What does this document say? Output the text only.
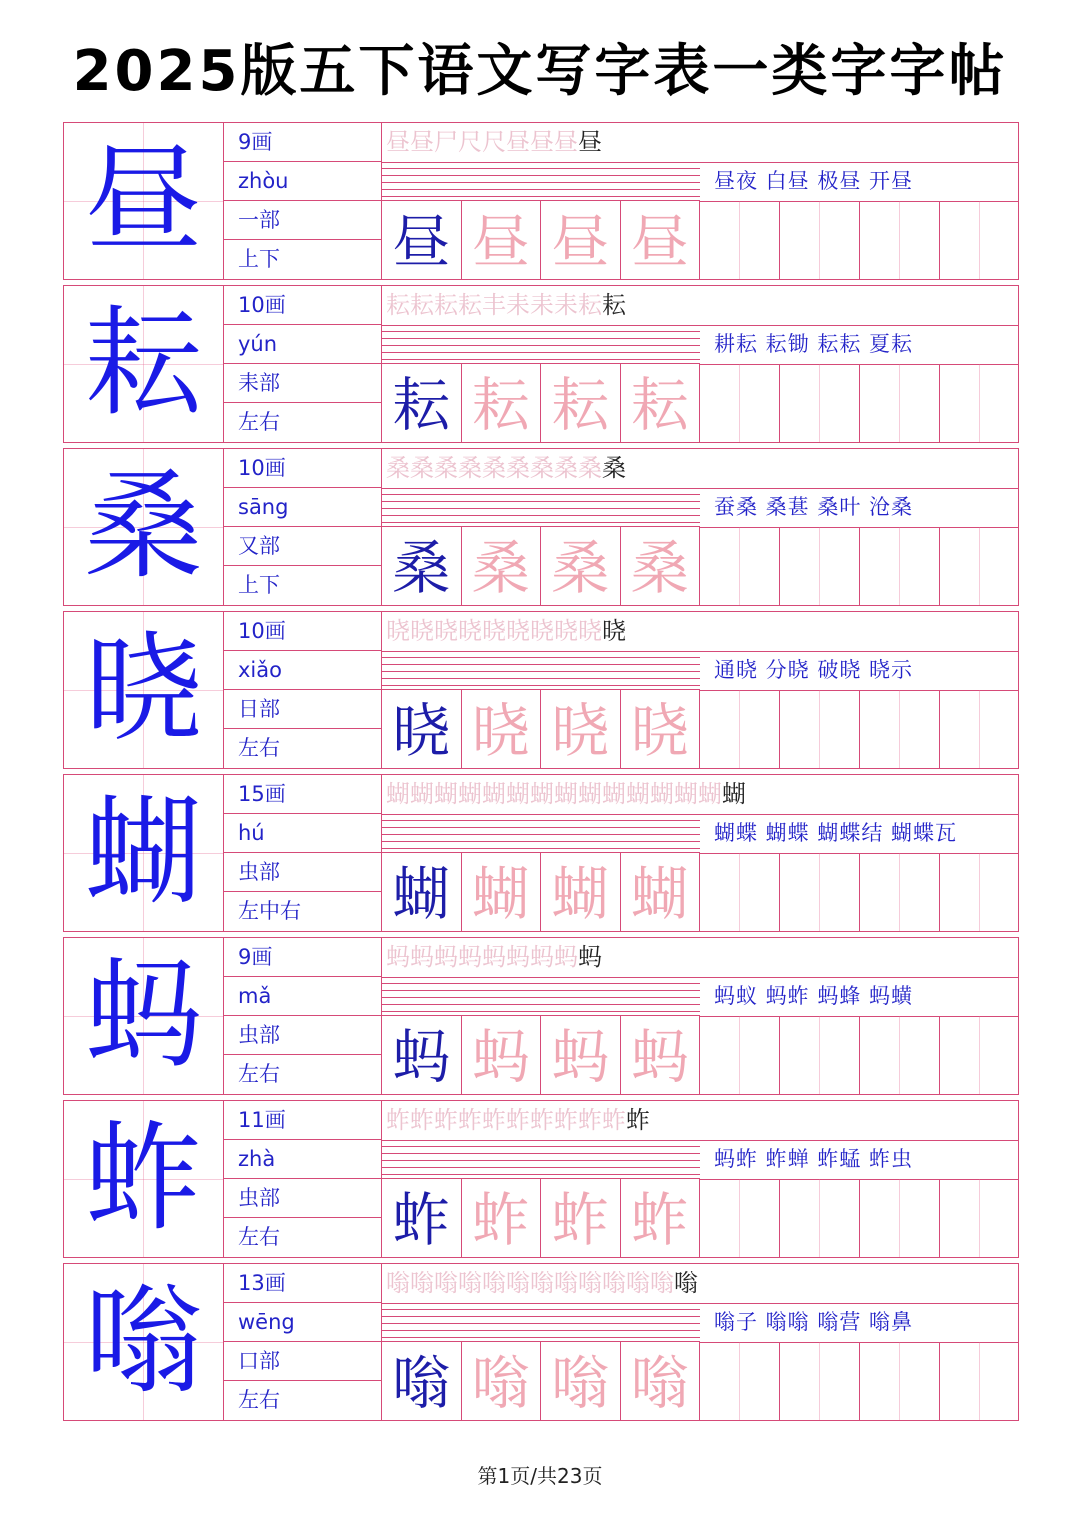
2025版五下语文写字表一类字字帖
昼	9画
zhòu
一部
上下
昼昼尸尺尺昼昼昼昼
昼 昼 昼 昼
昼夜 白昼 极昼 开昼
耘	10画
yún
耒部
左右
耘耘耘耘丰耒耒耒耘耘
耘 耘 耘 耘
耕耘 耘锄 耘耘 夏耘
桑	10画
sāng
又部
上下
桑桑桑桑桑桑桑桑桑桑
桑 桑 桑 桑
蚕桑 桑葚 桑叶 沧桑
晓	10画
xiǎo
日部
左右
晓晓晓晓晓晓晓晓晓晓
晓 晓 晓 晓
通晓 分晓 破晓 晓示
蝴	15画
hú
虫部
左中右
蝴蝴蝴蝴蝴蝴蝴蝴蝴蝴蝴蝴蝴蝴蝴
蝴 蝴 蝴 蝴
蝴蝶 蝴蝶 蝴蝶结 蝴蝶瓦
蚂	9画
mǎ
虫部
左右
蚂蚂蚂蚂蚂蚂蚂蚂蚂
蚂 蚂 蚂 蚂
蚂蚁 蚂蚱 蚂蜂 蚂蟥
蚱	11画
zhà
虫部
左右
蚱蚱蚱蚱蚱蚱蚱蚱蚱蚱蚱
蚱 蚱 蚱 蚱
蚂蚱 蚱蝉 蚱蜢 蚱虫
嗡	13画
wēng
口部
左右
嗡嗡嗡嗡嗡嗡嗡嗡嗡嗡嗡嗡嗡
嗡 嗡 嗡 嗡
嗡子 嗡嗡 嗡营 嗡鼻
第1页/共23页
